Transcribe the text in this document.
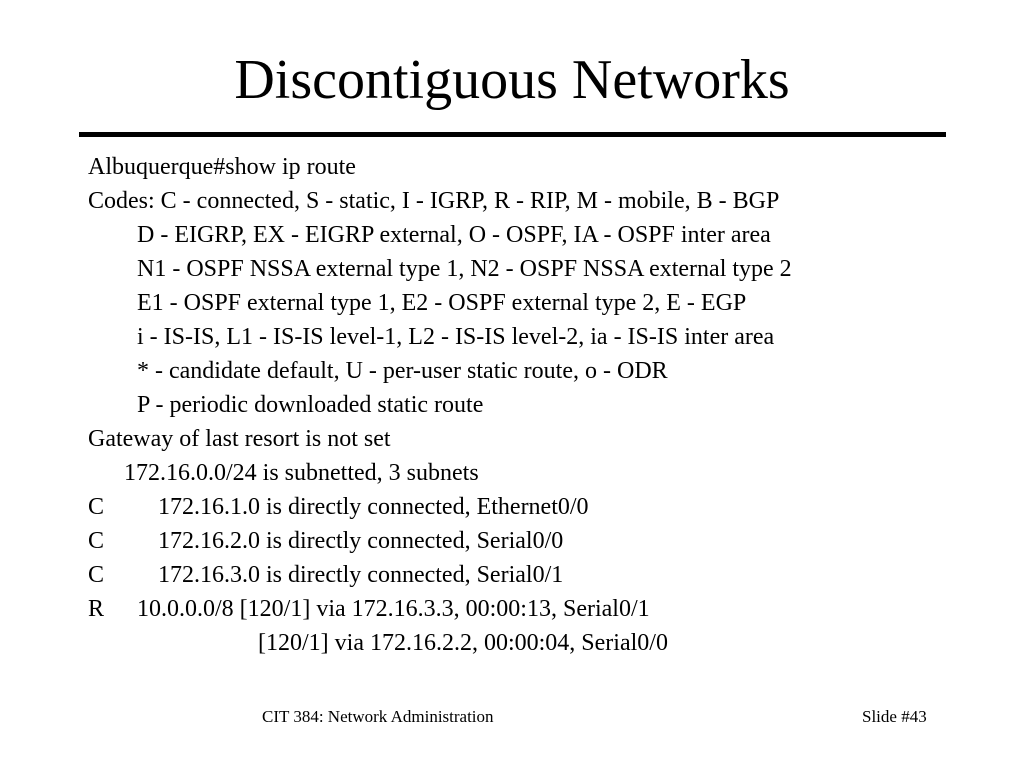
Discontiguous Networks
Albuquerque#show ip route
Codes: C - connected, S - static, I - IGRP, R - RIP, M - mobile, B - BGP
D - EIGRP, EX - EIGRP external, O - OSPF, IA - OSPF inter area
N1 - OSPF NSSA external type 1, N2 - OSPF NSSA external type 2
E1 - OSPF external type 1, E2 - OSPF external type 2, E - EGP
i - IS-IS, L1 - IS-IS level-1, L2 - IS-IS level-2, ia - IS-IS inter area
* - candidate default, U - per-user static route, o - ODR
P - periodic downloaded static route
Gateway of last resort is not set
172.16.0.0/24 is subnetted, 3 subnets
C 172.16.1.0 is directly connected, Ethernet0/0
C 172.16.2.0 is directly connected, Serial0/0
C 172.16.3.0 is directly connected, Serial0/1
R 10.0.0.0/8 [120/1] via 172.16.3.3, 00:00:13, Serial0/1
[120/1] via 172.16.2.2, 00:00:04, Serial0/0
CIT 384: Network Administration	Slide #43
